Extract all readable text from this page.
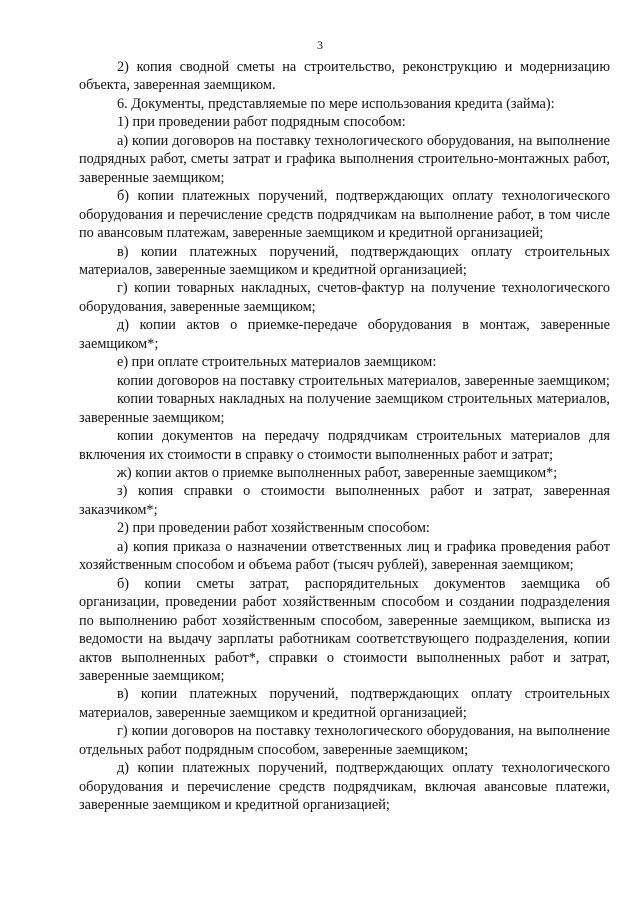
3

2) копия сводной сметы на строительство, реконструкцию и модернизацию объекта, заверенная заемщиком.

6. Документы, представляемые по мере использования кредита (займа):

1) при проведении работ подрядным способом:

а) копии договоров на поставку технологического оборудования, на выполнение подрядных работ, сметы затрат и графика выполнения строительно-монтажных работ, заверенные заемщиком;

б) копии платежных поручений, подтверждающих оплату технологического оборудования и перечисление средств подрядчикам на выполнение работ, в том числе по авансовым платежам, заверенные заемщиком и кредитной организацией;

в) копии платежных поручений, подтверждающих оплату строительных материалов, заверенные заемщиком и кредитной организацией;

г) копии товарных накладных, счетов-фактур на получение технологического оборудования, заверенные заемщиком;

д) копии актов о приемке-передаче оборудования в монтаж, заверенные заемщиком*;

е) при оплате строительных материалов заемщиком:

копии договоров на поставку строительных материалов, заверенные заемщиком;

копии товарных накладных на получение заемщиком строительных материалов, заверенные заемщиком;

копии документов на передачу подрядчикам строительных материалов для включения их стоимости в справку о стоимости выполненных работ и затрат;

ж) копии актов о приемке выполненных работ, заверенные заемщиком*;

з) копия справки о стоимости выполненных работ и затрат, заверенная заказчиком*;

2) при проведении работ хозяйственным способом:

а) копия приказа о назначении ответственных лиц и графика проведения работ хозяйственным способом и объема работ (тысяч рублей), заверенная заемщиком;

б) копии сметы затрат, распорядительных документов заемщика об организации, проведении работ хозяйственным способом и создании подразделения по выполнению работ хозяйственным способом, заверенные заемщиком, выписка из ведомости на выдачу зарплаты работникам соответствующего подразделения, копии актов выполненных работ*, справки о стоимости выполненных работ и затрат, заверенные заемщиком;

в) копии платежных поручений, подтверждающих оплату строительных материалов, заверенные заемщиком и кредитной организацией;

г) копии договоров на поставку технологического оборудования, на выполнение отдельных работ подрядным способом, заверенные заемщиком;

д) копии платежных поручений, подтверждающих оплату технологического оборудования и перечисление средств подрядчикам, включая авансовые платежи, заверенные заемщиком и кредитной организацией;
